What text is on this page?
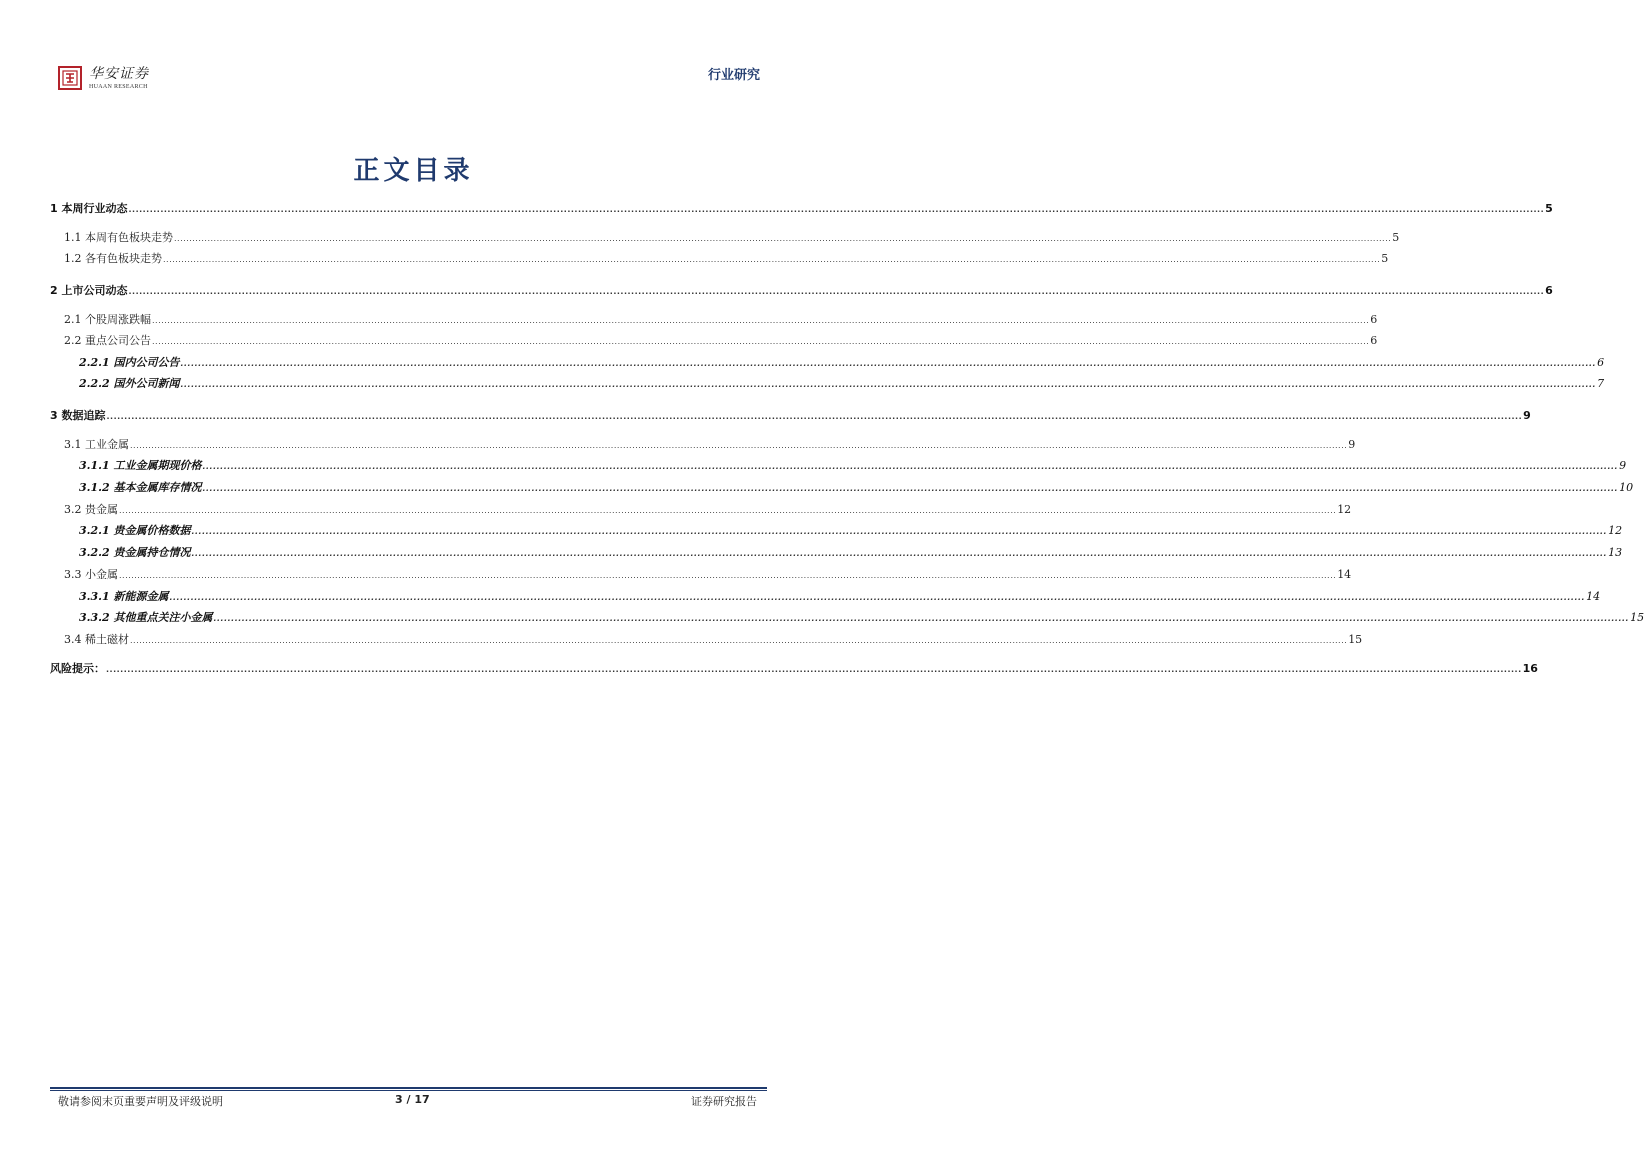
华安证券
HUAAN RESEARCH
行业研究
正文目录
1 本周行业动态 ................................................................................................................................................................................................................................................................................................................................................................................................................ 5
1.1 本周有色板块走势 ................................................................................................................................................................................................................................................................................................................................................................................................................ 5
1.2 各有色板块走势 ................................................................................................................................................................................................................................................................................................................................................................................................................ 5
2 上市公司动态 ................................................................................................................................................................................................................................................................................................................................................................................................................ 6
2.1 个股周涨跌幅 ................................................................................................................................................................................................................................................................................................................................................................................................................ 6
2.2 重点公司公告 ................................................................................................................................................................................................................................................................................................................................................................................................................ 6
2.2.1 国内公司公告 ................................................................................................................................................................................................................................................................................................................................................................................................................ 6
2.2.2 国外公司新闻 ................................................................................................................................................................................................................................................................................................................................................................................................................ 7
3 数据追踪 ................................................................................................................................................................................................................................................................................................................................................................................................................ 9
3.1 工业金属 ................................................................................................................................................................................................................................................................................................................................................................................................................ 9
3.1.1 工业金属期现价格 ................................................................................................................................................................................................................................................................................................................................................................................................................ 9
3.1.2 基本金属库存情况 ................................................................................................................................................................................................................................................................................................................................................................................................................ 10
3.2 贵金属 ................................................................................................................................................................................................................................................................................................................................................................................................................ 12
3.2.1 贵金属价格数据 ................................................................................................................................................................................................................................................................................................................................................................................................................ 12
3.2.2 贵金属持仓情况 ................................................................................................................................................................................................................................................................................................................................................................................................................ 13
3.3 小金属 ................................................................................................................................................................................................................................................................................................................................................................................................................ 14
3.3.1 新能源金属 ................................................................................................................................................................................................................................................................................................................................................................................................................ 14
3.3.2 其他重点关注小金属 ................................................................................................................................................................................................................................................................................................................................................................................................................ 15
3.4 稀土磁材 ................................................................................................................................................................................................................................................................................................................................................................................................................ 15
风险提示： ................................................................................................................................................................................................................................................................................................................................................................................................................ 16
敬请参阅末页重要声明及评级说明	3 / 17	证券研究报告
